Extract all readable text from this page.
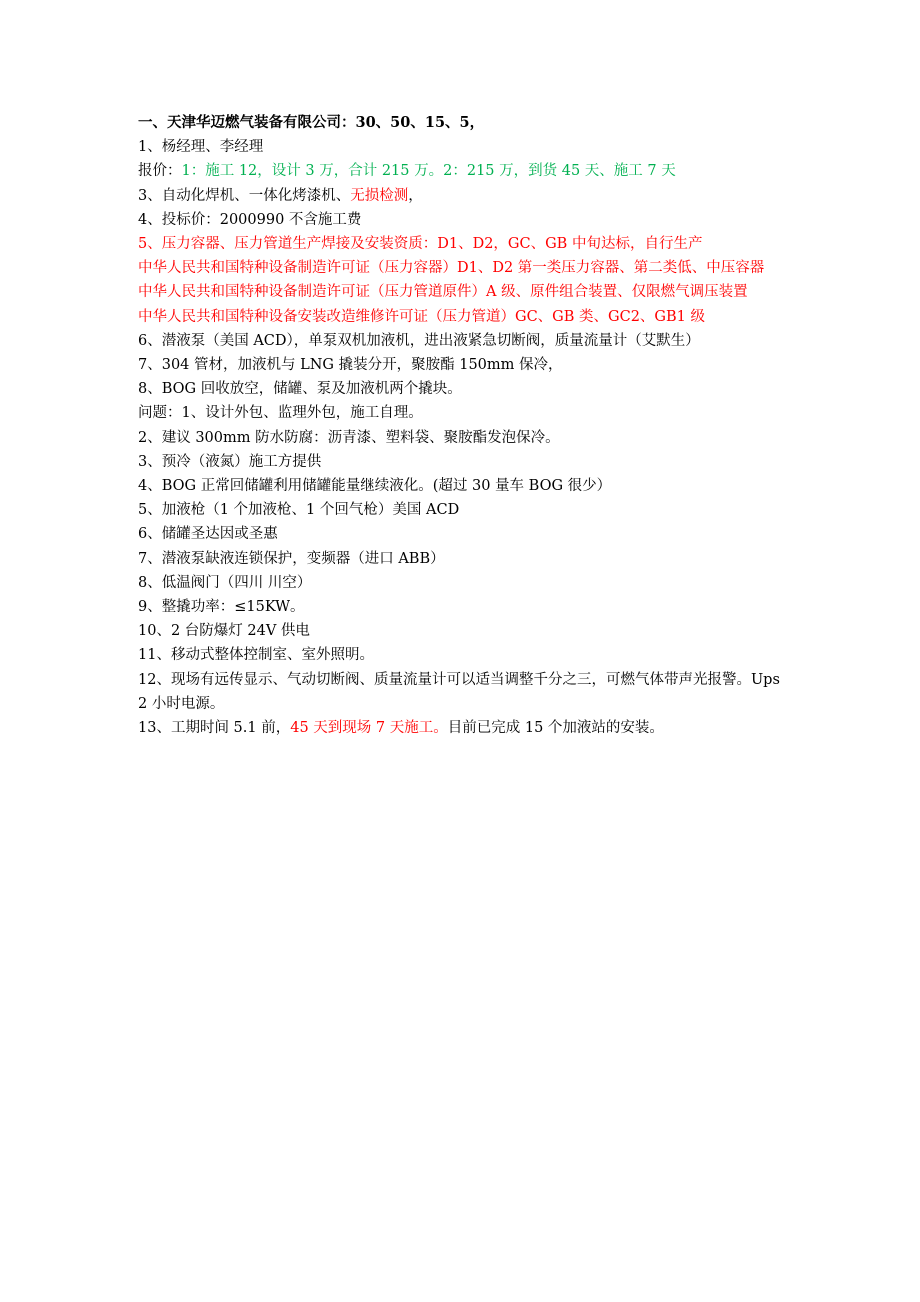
一、天津华迈燃气装备有限公司：30、50、15、5，

1、杨经理、李经理

报价：1：施工 12，设计 3 万，合计 215 万。2：215 万，到货 45 天、施工 7 天

3、自动化焊机、一体化烤漆机、无损检测，

4、投标价：2000990 不含施工费

5、压力容器、压力管道生产焊接及安装资质：D1、D2，GC、GB 中旬达标，自行生产

中华人民共和国特种设备制造许可证（压力容器）D1、D2 第一类压力容器、第二类低、中压容器

中华人民共和国特种设备制造许可证（压力管道原件）A 级、原件组合装置、仅限燃气调压装置

中华人民共和国特种设备安装改造维修许可证（压力管道）GC、GB 类、GC2、GB1 级

6、潜液泵（美国 ACD），单泵双机加液机，进出液紧急切断阀，质量流量计（艾默生）

7、304 管材，加液机与 LNG 撬装分开，聚胺酯 150mm 保冷，

8、BOG 回收放空，储罐、泵及加液机两个撬块。

问题：1、设计外包、监理外包，施工自理。

2、建议 300mm 防水防腐：沥青漆、塑料袋、聚胺酯发泡保冷。

3、预冷（液氮）施工方提供

4、BOG 正常回储罐利用储罐能量继续液化。(超过 30 量车 BOG 很少）

5、加液枪（1 个加液枪、1 个回气枪）美国 ACD

6、储罐圣达因或圣惠

7、潜液泵缺液连锁保护，变频器（进口 ABB）

8、低温阀门（四川 川空）

9、整撬功率：≤15KW。

10、2 台防爆灯 24V 供电

11、移动式整体控制室、室外照明。

12、现场有远传显示、气动切断阀、质量流量计可以适当调整千分之三，可燃气体带声光报警。Ups2 小时电源。

13、工期时间 5.1 前，45 天到现场 7 天施工。目前已完成 15 个加液站的安装。
